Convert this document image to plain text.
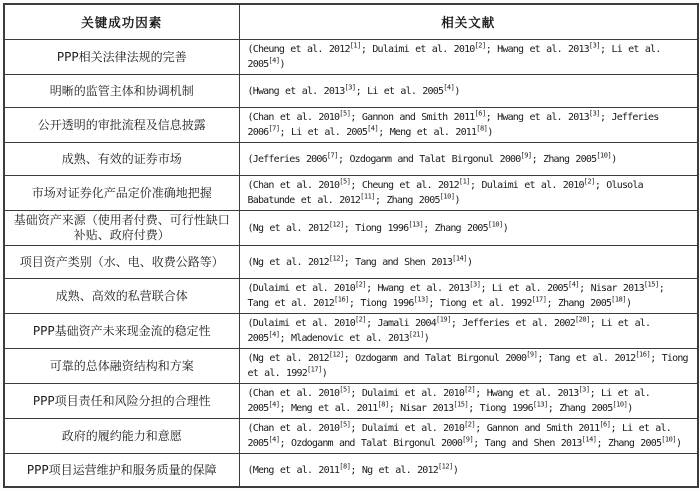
关键成功因素	相关文献
PPP相关法律法规的完善	(Cheung et al. 2012[1]; Dulaimi et al. 2010[2]; Hwang et al. 2013[3]; Li et al. 2005[4])
明晰的监管主体和协调机制	(Hwang et al. 2013[3]; Li et al. 2005[4])
公开透明的审批流程及信息披露	(Chan et al. 2010[5]; Gannon and Smith 2011[6]; Hwang et al. 2013[3]; Jefferies 2006[7]; Li et al. 2005[4]; Meng et al. 2011[8])
成熟、有效的证券市场	(Jefferies 2006[7]; Ozdoganm and Talat Birgonul 2000[9]; Zhang 2005[10])
市场对证券化产品定价准确地把握	(Chan et al. 2010[5]; Cheung et al. 2012[1]; Dulaimi et al. 2010[2]; Olusola Babatunde et al. 2012[11]; Zhang 2005[10])
基础资产来源（使用者付费、可行性缺口补贴、政府付费）	(Ng et al. 2012[12]; Tiong 1996[13]; Zhang 2005[10])
项目资产类别（水、电、收费公路等）	(Ng et al. 2012[12]; Tang and Shen 2013[14])
成熟、高效的私营联合体	(Dulaimi et al. 2010[2]; Hwang et al. 2013[3]; Li et al. 2005[4]; Nisar 2013[15]; Tang et al. 2012[16]; Tiong 1996[13]; Tiong et al. 1992[17]; Zhang 2005[18])
PPP基础资产未来现金流的稳定性	(Dulaimi et al. 2010[2]; Jamali 2004[19]; Jefferies et al. 2002[20]; Li et al. 2005[4]; Mladenovic et al. 2013[21])
可靠的总体融资结构和方案	(Ng et al. 2012[12]; Ozdoganm and Talat Birgonul 2000[9]; Tang et al. 2012[16]; Tiong et al. 1992[17])
PPP项目责任和风险分担的合理性	(Chan et al. 2010[5]; Dulaimi et al. 2010[2]; Hwang et al. 2013[3]; Li et al. 2005[4]; Meng et al. 2011[8]; Nisar 2013[15]; Tiong 1996[13]; Zhang 2005[10])
政府的履约能力和意愿	(Chan et al. 2010[5]; Dulaimi et al. 2010[2]; Gannon and Smith 2011[6]; Li et al. 2005[4]; Ozdoganm and Talat Birgonul 2000[9]; Tang and Shen 2013[14]; Zhang 2005[10])
PPP项目运营维护和服务质量的保障	(Meng et al. 2011[8]; Ng et al. 2012[12])
